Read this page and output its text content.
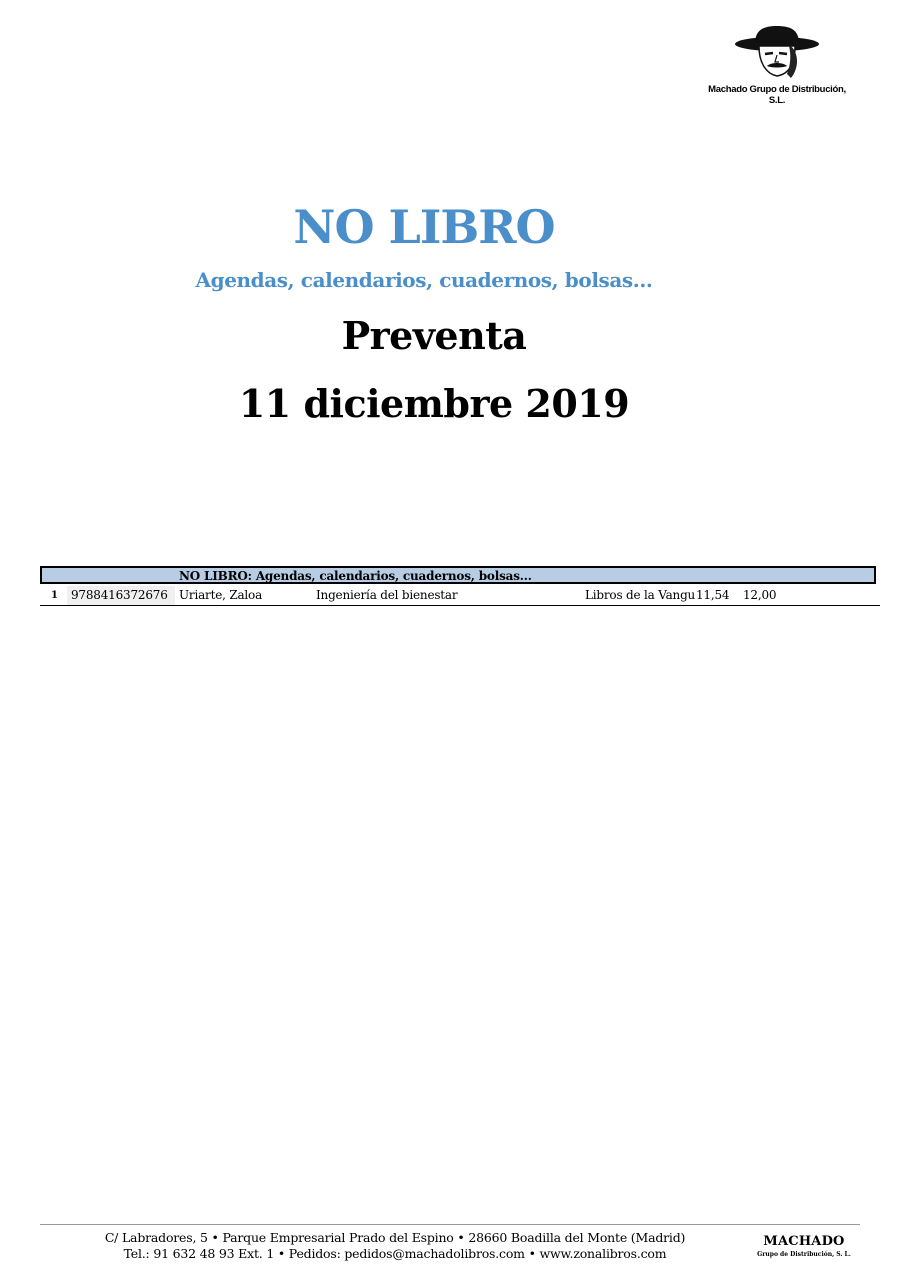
Machado Grupo de Distribución, S.L.
NO LIBRO
Agendas, calendarios, cuadernos, bolsas...
Preventa
11 diciembre 2019
NO LIBRO: Agendas, calendarios, cuadernos, bolsas...
1	9788416372676 Uriarte, Zaloa	Ingeniería del bienestar	Libros de la Vangu 11,54 12,00
C/ Labradores, 5 • Parque Empresarial Prado del Espino • 28660 Boadilla del Monte (Madrid)
Tel.: 91 632 48 93 Ext. 1 • Pedidos: pedidos@machadolibros.com • www.zonalibros.com
MACHADO
Grupo de Distribución, S. L.
